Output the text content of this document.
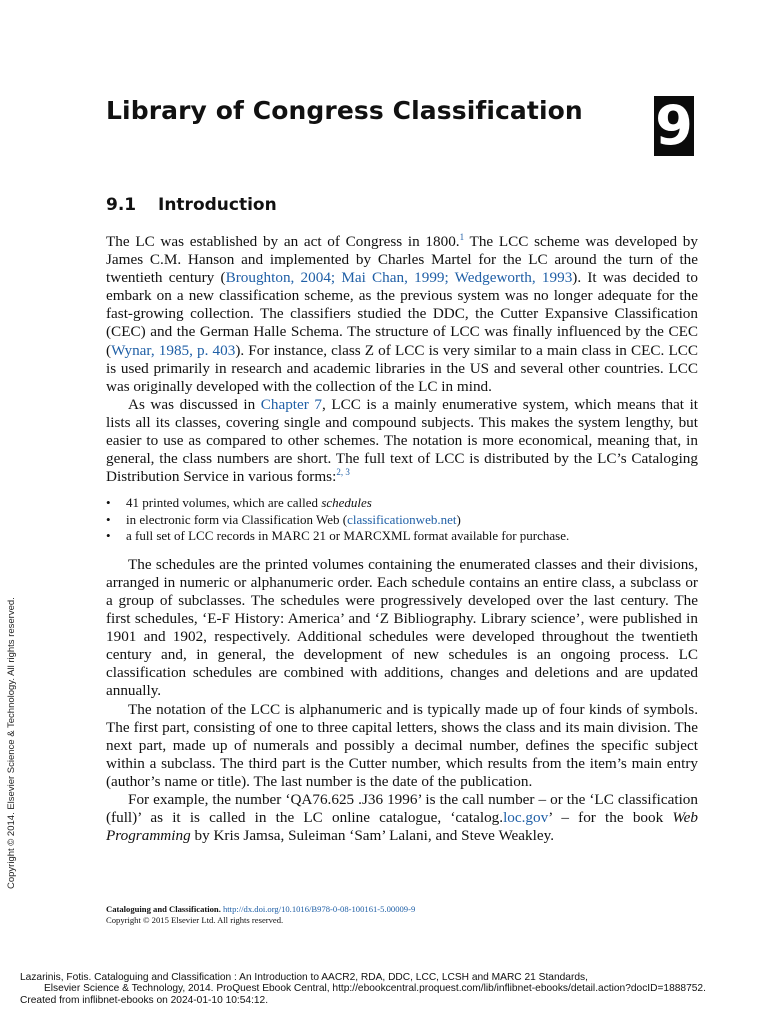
Library of Congress Classification 9
9.1 Introduction

The LC was established by an act of Congress in 1800.$^1$ The LCC scheme was developed by James C.M. Hanson and implemented by Charles Martel for the LC around the turn of the twentieth century (Broughton, 2004; Mai Chan, 1999; Wedgeworth, 1993). It was decided to embark on a new classification scheme, as the previous system was no longer adequate for the fast-growing collection. The classifiers studied the DDC, the Cutter Expansive Classification (CEC) and the German Halle Schema. The structure of LCC was finally influenced by the CEC (Wynar, 1985, p. 403). For instance, class Z of LCC is very similar to a main class in CEC. LCC is used primarily in research and academic libraries in the US and several other countries. LCC was originally developed with the collection of the LC in mind.

As was discussed in Chapter 7, LCC is a mainly enumerative system, which means that it lists all its classes, covering single and compound subjects. This makes the system lengthy, but easier to use as compared to other schemes. The notation is more economical, meaning that, in general, the class numbers are short. The full text of LCC is distributed by the LC’s Cataloging Distribution Service in various forms:$^{2, 3}$

• 41 printed volumes, which are called schedules
• in electronic form via Classification Web (classificationweb.net)
• a full set of LCC records in MARC 21 or MARCXML format available for purchase.

The schedules are the printed volumes containing the enumerated classes and their divisions, arranged in numeric or alphanumeric order. Each schedule contains an entire class, a subclass or a group of subclasses. The schedules were progressively developed over the last century. The first schedules, ‘E-F History: America’ and ‘Z Bibliography. Library science’, were published in 1901 and 1902, respectively. Additional schedules were developed throughout the twentieth century and, in general, the development of new schedules is an ongoing process. LC classification schedules are combined with additions, changes and deletions and are updated annually.

The notation of the LCC is alphanumeric and is typically made up of four kinds of symbols. The first part, consisting of one to three capital letters, shows the class and its main division. The next part, made up of numerals and possibly a decimal number, defines the specific subject within a subclass. The third part is the Cutter number, which results from the item’s main entry (author’s name or title). The last number is the date of the publication.

For example, the number ‘QA76.625 .J36 1996’ is the call number – or the ‘LC classification (full)’ as it is called in the LC online catalogue, ‘catalog.loc.gov’ – for the book Web Programming by Kris Jamsa, Suleiman ‘Sam’ Lalani, and Steve Weakley.

Cataloguing and Classification. http://dx.doi.org/10.1016/B978-0-08-100161-5.00009-9
Copyright © 2015 Elsevier Ltd. All rights reserved.
Copyright © 2014. Elsevier Science & Technology. All rights reserved.
Lazarinis, Fotis. Cataloguing and Classification : An Introduction to AACR2, RDA, DDC, LCC, LCSH and MARC 21 Standards,
Elsevier Science & Technology, 2014. ProQuest Ebook Central, http://ebookcentral.proquest.com/lib/inflibnet-ebooks/detail.action?docID=1888752.
Created from inflibnet-ebooks on 2024-01-10 10:54:12.
